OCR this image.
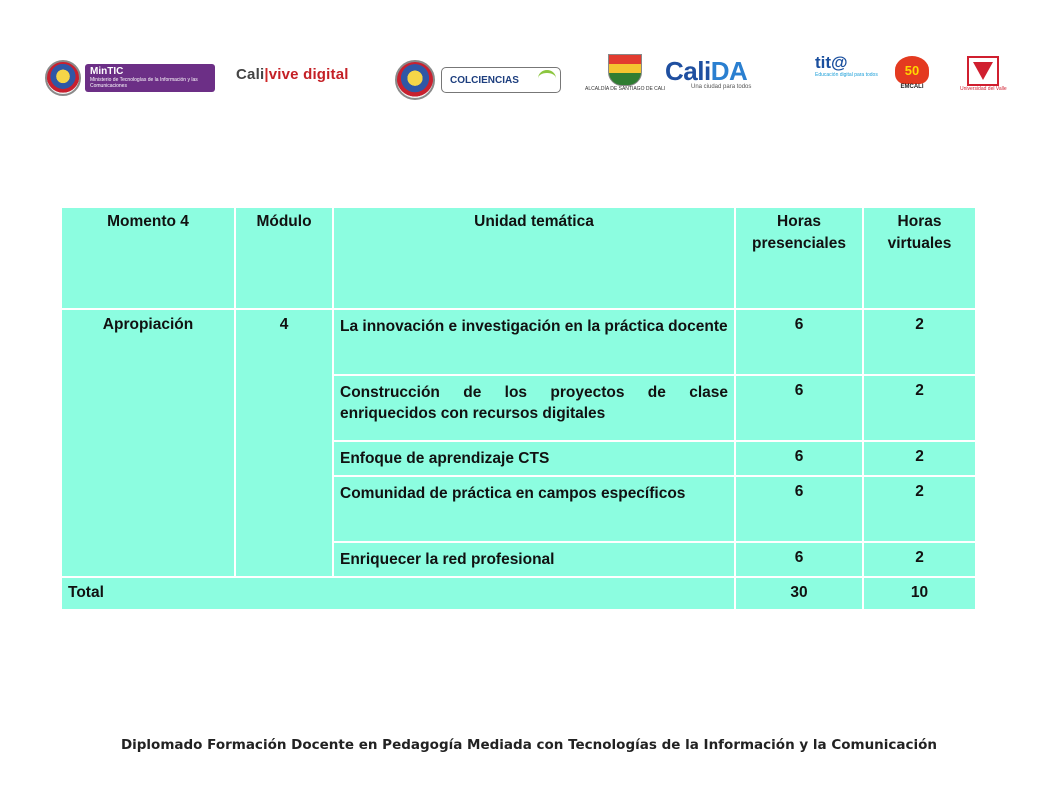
MinTIC
Ministerio de Tecnologías de la Información y las Comunicaciones
Cali | vive digital	COLCIENCIAS
ALCALDÍA DE SANTIAGO DE CALI
CaliDA
Una ciudad para todos
tit@
Educación digital para todos	50
EMCALI	Universidad del Valle
Momento 4	Módulo	Unidad temática	Horas presenciales	Horas virtuales
Apropiación	4	La innovación e investigación en la práctica docente	6	2
		Construcción de los proyectos de clase enriquecidos con recursos digitales	6	2
		Enfoque de aprendizaje CTS	6	2
		Comunidad de práctica en campos específicos	6	2
		Enriquecer la red profesional	6	2
Total			30	10
Diplomado Formación Docente en Pedagogía Mediada con Tecnologías de la Información y la Comunicación
